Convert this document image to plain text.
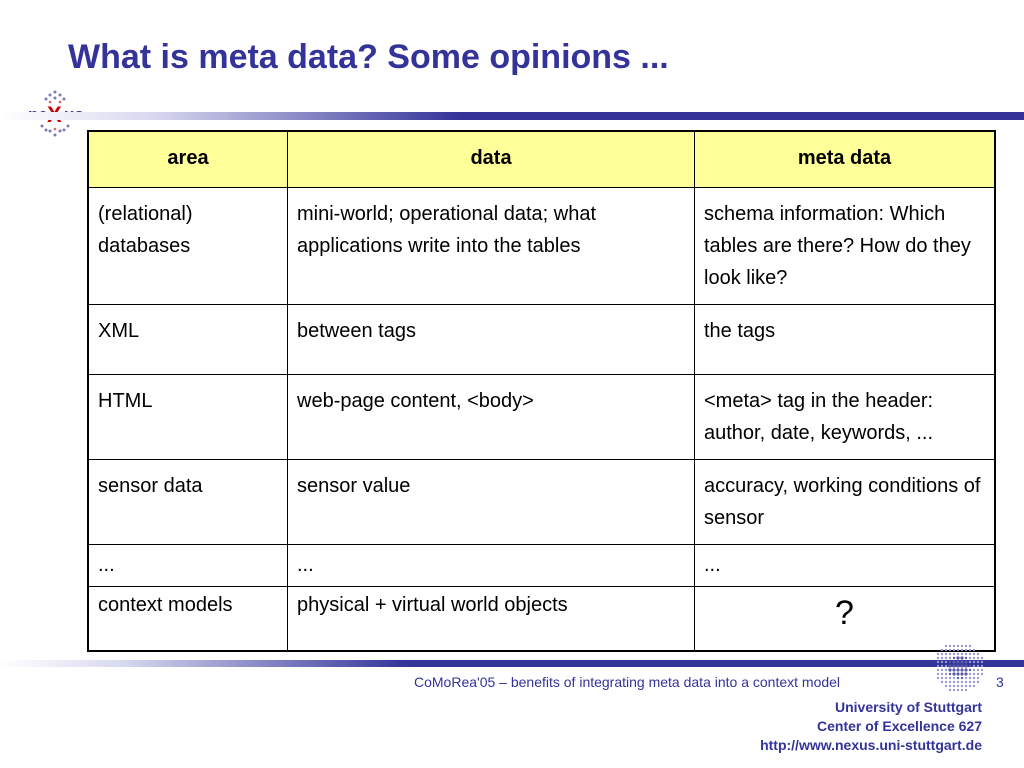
What is meta data? Some opinions ...
area	data	meta data
(relational) databases	mini-world; operational data; what applications write into the tables	schema information: Which tables are there? How do they look like?
XML	between tags	the tags
HTML	web-page content, <body>	<meta> tag in the header: author, date, keywords, ...
sensor data	sensor value	accuracy, working conditions of sensor
...	...	...
context models	physical + virtual world objects	?
CoMoRea'05 – benefits of integrating meta data into a context model	3
University of Stuttgart
Center of Excellence 627
http://www.nexus.uni-stuttgart.de
